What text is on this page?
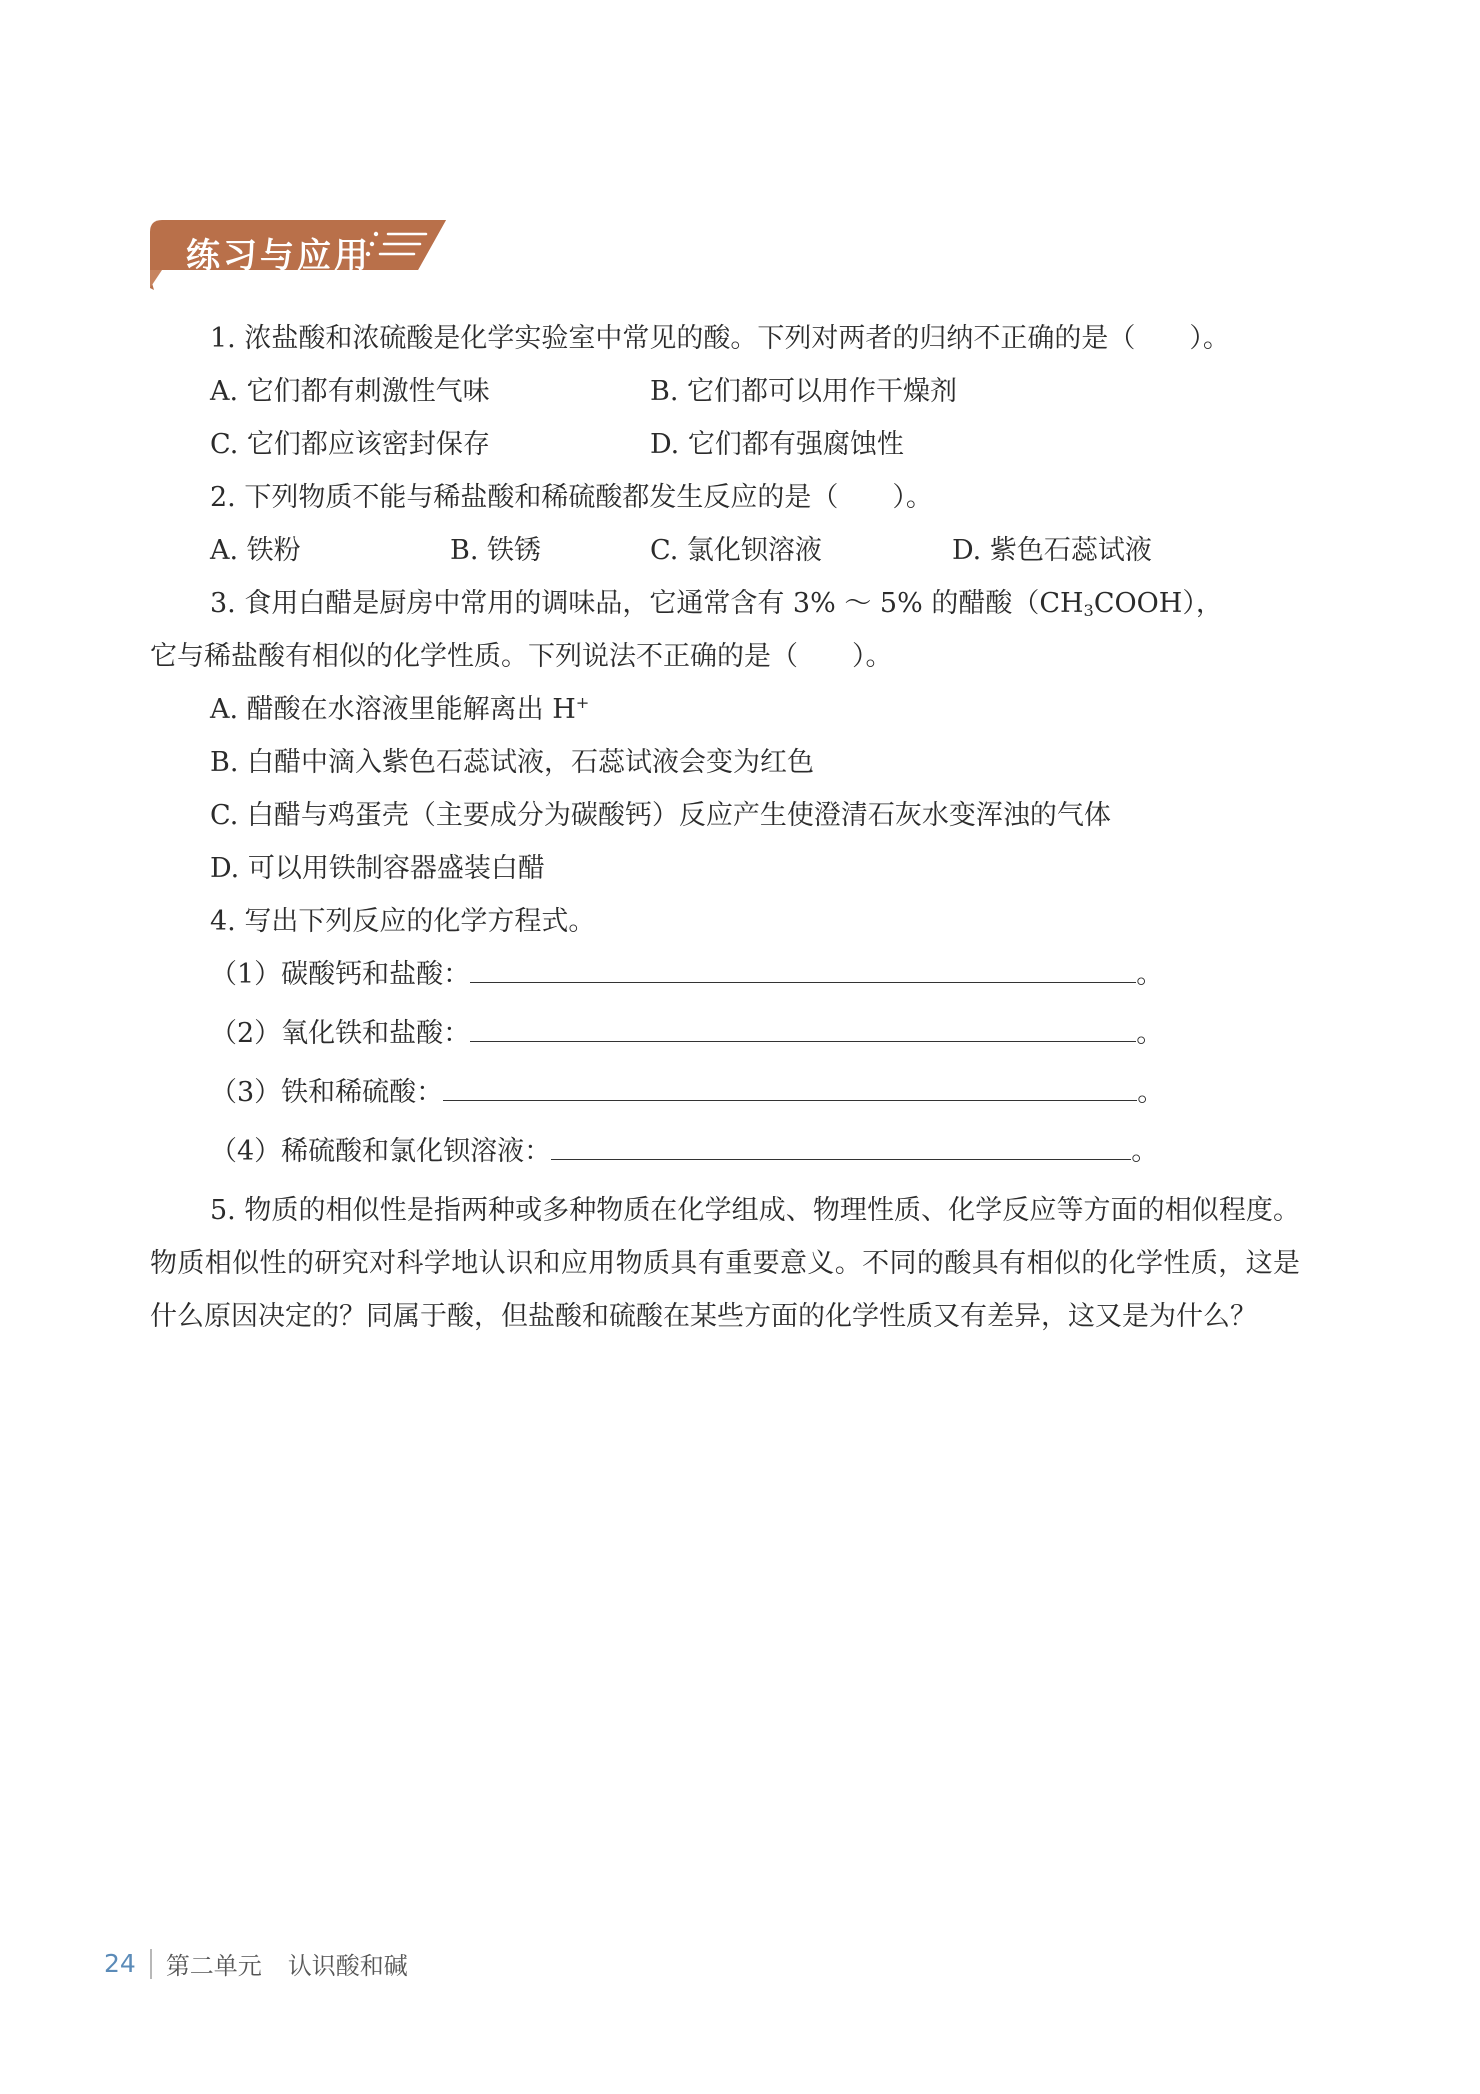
练习与应用
1. 浓盐酸和浓硫酸是化学实验室中常见的酸。下列对两者的归纳不正确的是（ ）。
A. 它们都有刺激性气味	B. 它们都可以用作干燥剂
C. 它们都应该密封保存	D. 它们都有强腐蚀性
2. 下列物质不能与稀盐酸和稀硫酸都发生反应的是（ ）。
A. 铁粉	B. 铁锈	C. 氯化钡溶液	D. 紫色石蕊试液
3. 食用白醋是厨房中常用的调味品，它通常含有 3% ～ 5% 的醋酸$(CH_3COOH)$，
它与稀盐酸有相似的化学性质。下列说法不正确的是（ ）。
A. 醋酸在水溶液里能解离出 H+
B. 白醋中滴入紫色石蕊试液，石蕊试液会变为红色
C. 白醋与鸡蛋壳（主要成分为碳酸钙）反应产生使澄清石灰水变浑浊的气体
D. 可以用铁制容器盛装白醋
4. 写出下列反应的化学方程式。
（1）碳酸钙和盐酸：	。
（2）氧化铁和盐酸：	。
（3）铁和稀硫酸：	。
（4）稀硫酸和氯化钡溶液：	。
5. 物质的相似性是指两种或多种物质在化学组成、物理性质、化学反应等方面的相似程度。物质相似性的研究对科学地认识和应用物质具有重要意义。不同的酸具有相似的化学性质，这是什么原因决定的？同属于酸，但盐酸和硫酸在某些方面的化学性质又有差异，这又是为什么？
24 第二单元 认识酸和碱
